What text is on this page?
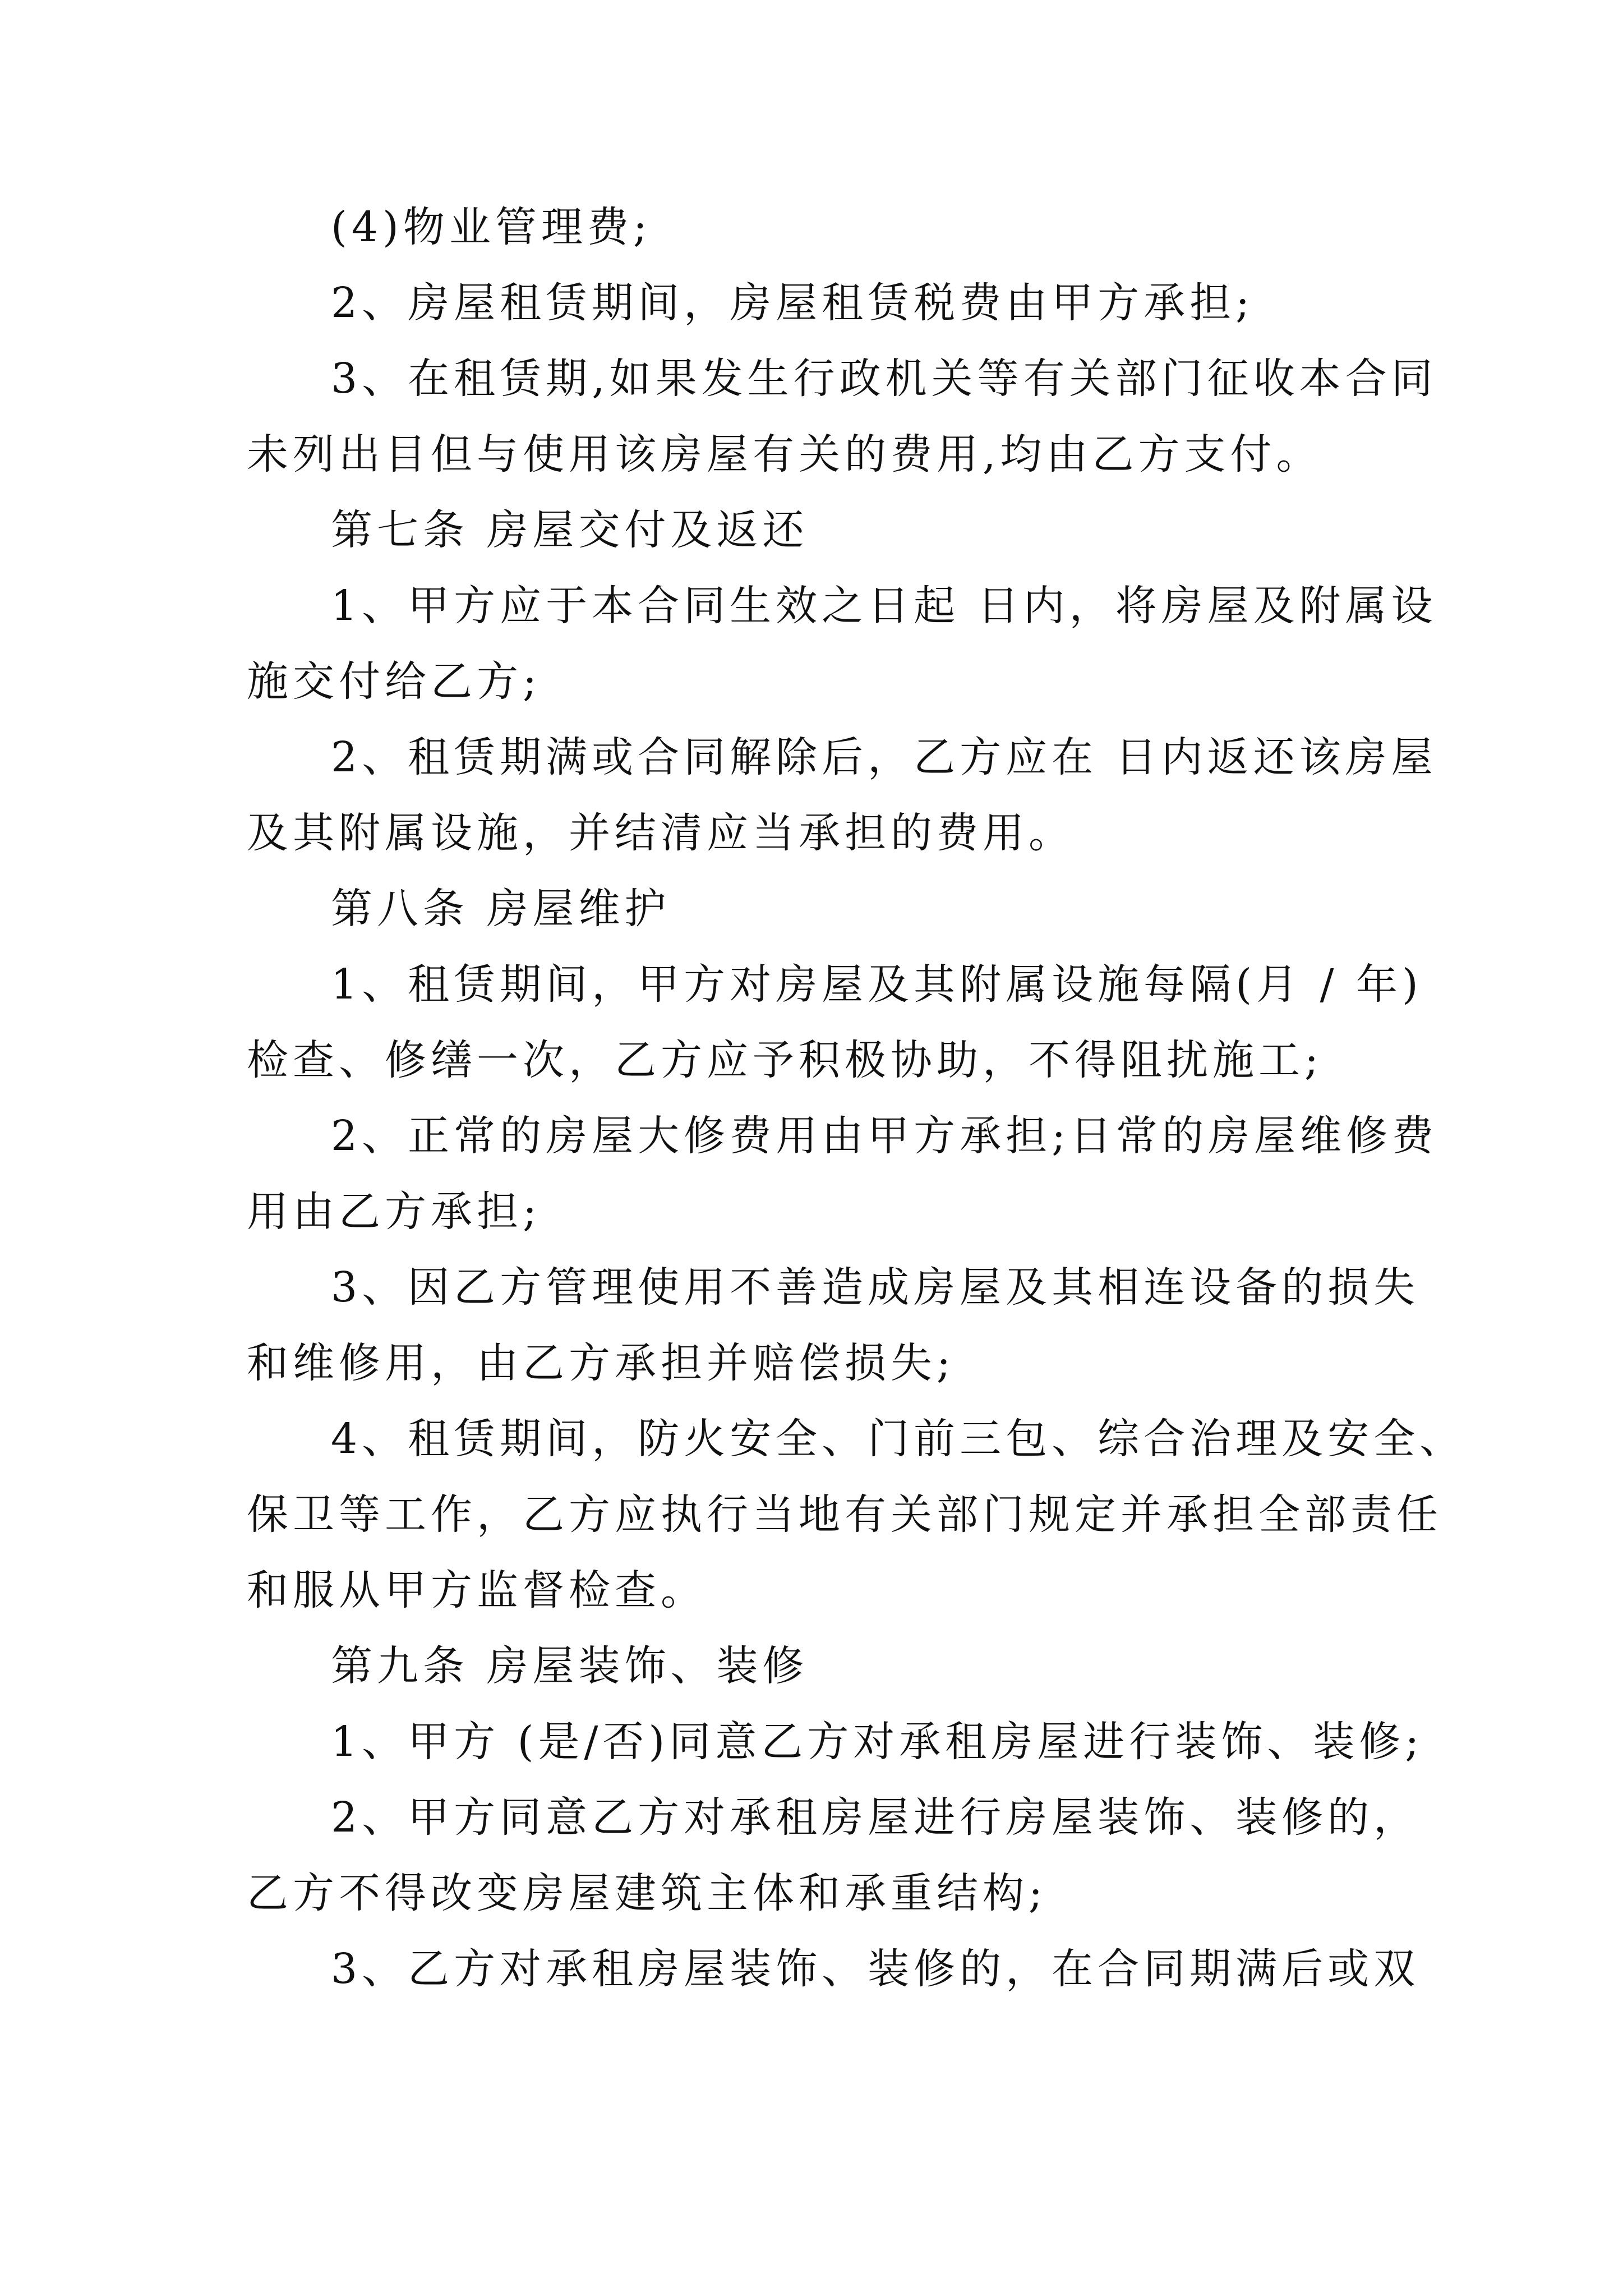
(4)物业管理费;
2、房屋租赁期间，房屋租赁税费由甲方承担;
3、在租赁期,如果发生行政机关等有关部门征收本合同
未列出目但与使用该房屋有关的费用,均由乙方支付。
第七条 房屋交付及返还
1、甲方应于本合同生效之日起 日内，将房屋及附属设
施交付给乙方;
2、租赁期满或合同解除后，乙方应在 日内返还该房屋
及其附属设施，并结清应当承担的费用。
第八条 房屋维护
1、租赁期间，甲方对房屋及其附属设施每隔(月 / 年)
检查、修缮一次，乙方应予积极协助，不得阻扰施工;
2、正常的房屋大修费用由甲方承担;日常的房屋维修费
用由乙方承担;
3、因乙方管理使用不善造成房屋及其相连设备的损失
和维修用，由乙方承担并赔偿损失;
4、租赁期间，防火安全、门前三包、综合治理及安全、
保卫等工作，乙方应执行当地有关部门规定并承担全部责任
和服从甲方监督检查。
第九条 房屋装饰、装修
1、甲方 (是/否)同意乙方对承租房屋进行装饰、装修;
2、甲方同意乙方对承租房屋进行房屋装饰、装修的，
乙方不得改变房屋建筑主体和承重结构;
3、乙方对承租房屋装饰、装修的，在合同期满后或双
